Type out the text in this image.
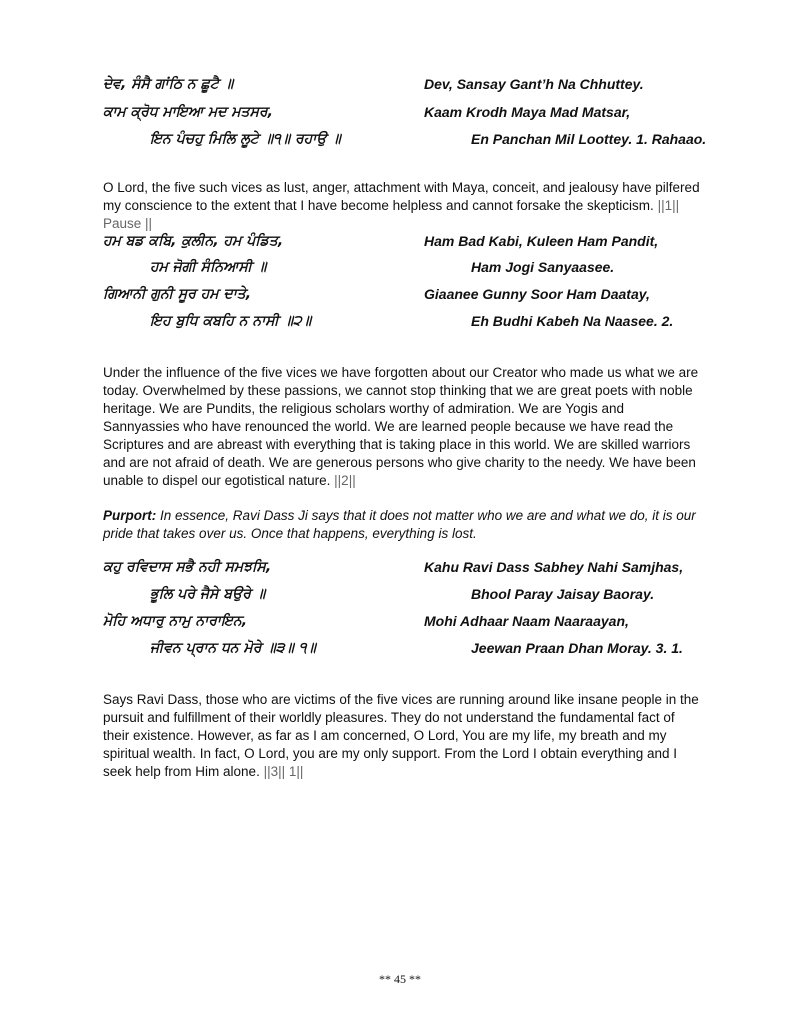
ਦੇਵ, ਸੰਸੈ ਗਾਂਠਿ ਨ ਛੂਟੈ ॥	Dev, Sansay Gant’h Na Chhuttey.
ਕਾਮ ਕ੍ਰੋਧ ਮਾਇਆ ਮਦ ਮਤਸਰ,	Kaam Krodh Maya Mad Matsar,
ਇਨ ਪੰਚਹੁ ਮਿਲਿ ਲੂਟੇ ॥੧॥ ਰਹਾਉ ॥	En Panchan Mil Loottey. 1. Rahaao.

O Lord, the five such vices as lust, anger, attachment with Maya, conceit, and jealousy have pilfered my conscience to the extent that I have become helpless and cannot forsake the skepticism. ||1|| Pause ||

ਹਮ ਬਡ ਕਬਿ, ਕੁਲੀਨ, ਹਮ ਪੰਡਿਤ,	Ham Bad Kabi, Kuleen Ham Pandit,
ਹਮ ਜੋਗੀ ਸੰਨਿਆਸੀ ॥	Ham Jogi Sanyaasee.
ਗਿਆਨੀ ਗੁਨੀ ਸੂਰ ਹਮ ਦਾਤੇ,	Giaanee Gunny Soor Ham Daatay,
ਇਹ ਬੁਧਿ ਕਬਹਿ ਨ ਨਾਸੀ ॥੨॥	Eh Budhi Kabeh Na Naasee. 2.

Under the influence of the five vices we have forgotten about our Creator who made us what we are today. Overwhelmed by these passions, we cannot stop thinking that we are great poets with noble heritage. We are Pundits, the religious scholars worthy of admiration. We are Yogis and Sannyassies who have renounced the world. We are learned people because we have read the Scriptures and are abreast with everything that is taking place in this world. We are skilled warriors and are not afraid of death. We are generous persons who give charity to the needy. We have been unable to dispel our egotistical nature. ||2||

Purport: In essence, Ravi Dass Ji says that it does not matter who we are and what we do, it is our pride that takes over us. Once that happens, everything is lost.

ਕਹੁ ਰਵਿਦਾਸ ਸਭੈ ਨਹੀ ਸਮਝਸਿ,	Kahu Ravi Dass Sabhey Nahi Samjhas,
ਭੂਲਿ ਪਰੇ ਜੈਸੇ ਬਉਰੇ ॥	Bhool Paray Jaisay Baoray.
ਮੋਹਿ ਅਧਾਰੁ ਨਾਮੁ ਨਾਰਾਇਨ,	Mohi Adhaar Naam Naaraayan,
ਜੀਵਨ ਪ੍ਰਾਨ ਧਨ ਮੋਰੇ ॥੩॥ ੧॥	Jeewan Praan Dhan Moray. 3. 1.

Says Ravi Dass, those who are victims of the five vices are running around like insane people in the pursuit and fulfillment of their worldly pleasures. They do not understand the fundamental fact of their existence. However, as far as I am concerned, O Lord, You are my life, my breath and my spiritual wealth. In fact, O Lord, you are my only support. From the Lord I obtain everything and I seek help from Him alone. ||3|| 1||

** 45 **
